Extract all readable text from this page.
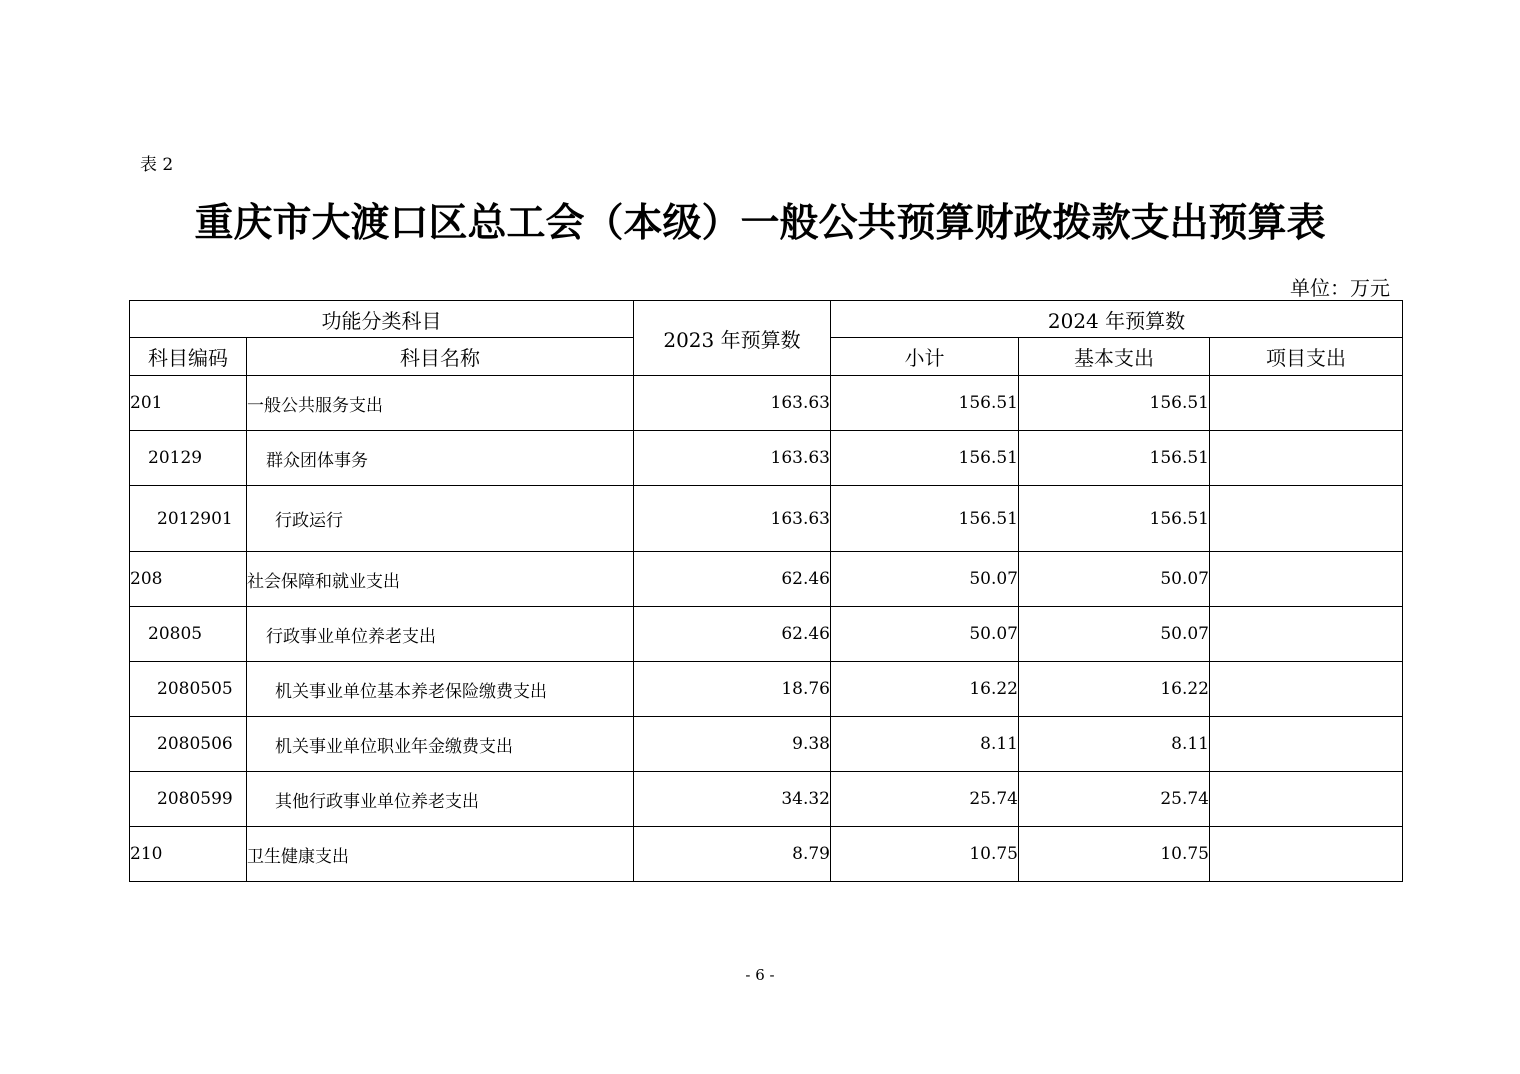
表 2
重庆市大渡口区总工会（本级）一般公共预算财政拨款支出预算表
单位：万元
功能分类科目		2023 年预算数	2024 年预算数		
科目编码	科目名称		小计	基本支出	项目支出
201	一般公共服务支出	163.63	156.51	156.51	
20129	群众团体事务	163.63	156.51	156.51	
2012901	行政运行	163.63	156.51	156.51	
208	社会保障和就业支出	62.46	50.07	50.07	
20805	行政事业单位养老支出	62.46	50.07	50.07	
2080505	机关事业单位基本养老保险缴费支出	18.76	16.22	16.22	
2080506	机关事业单位职业年金缴费支出	9.38	8.11	8.11	
2080599	其他行政事业单位养老支出	34.32	25.74	25.74	
210	卫生健康支出	8.79	10.75	10.75	
- 6 -
